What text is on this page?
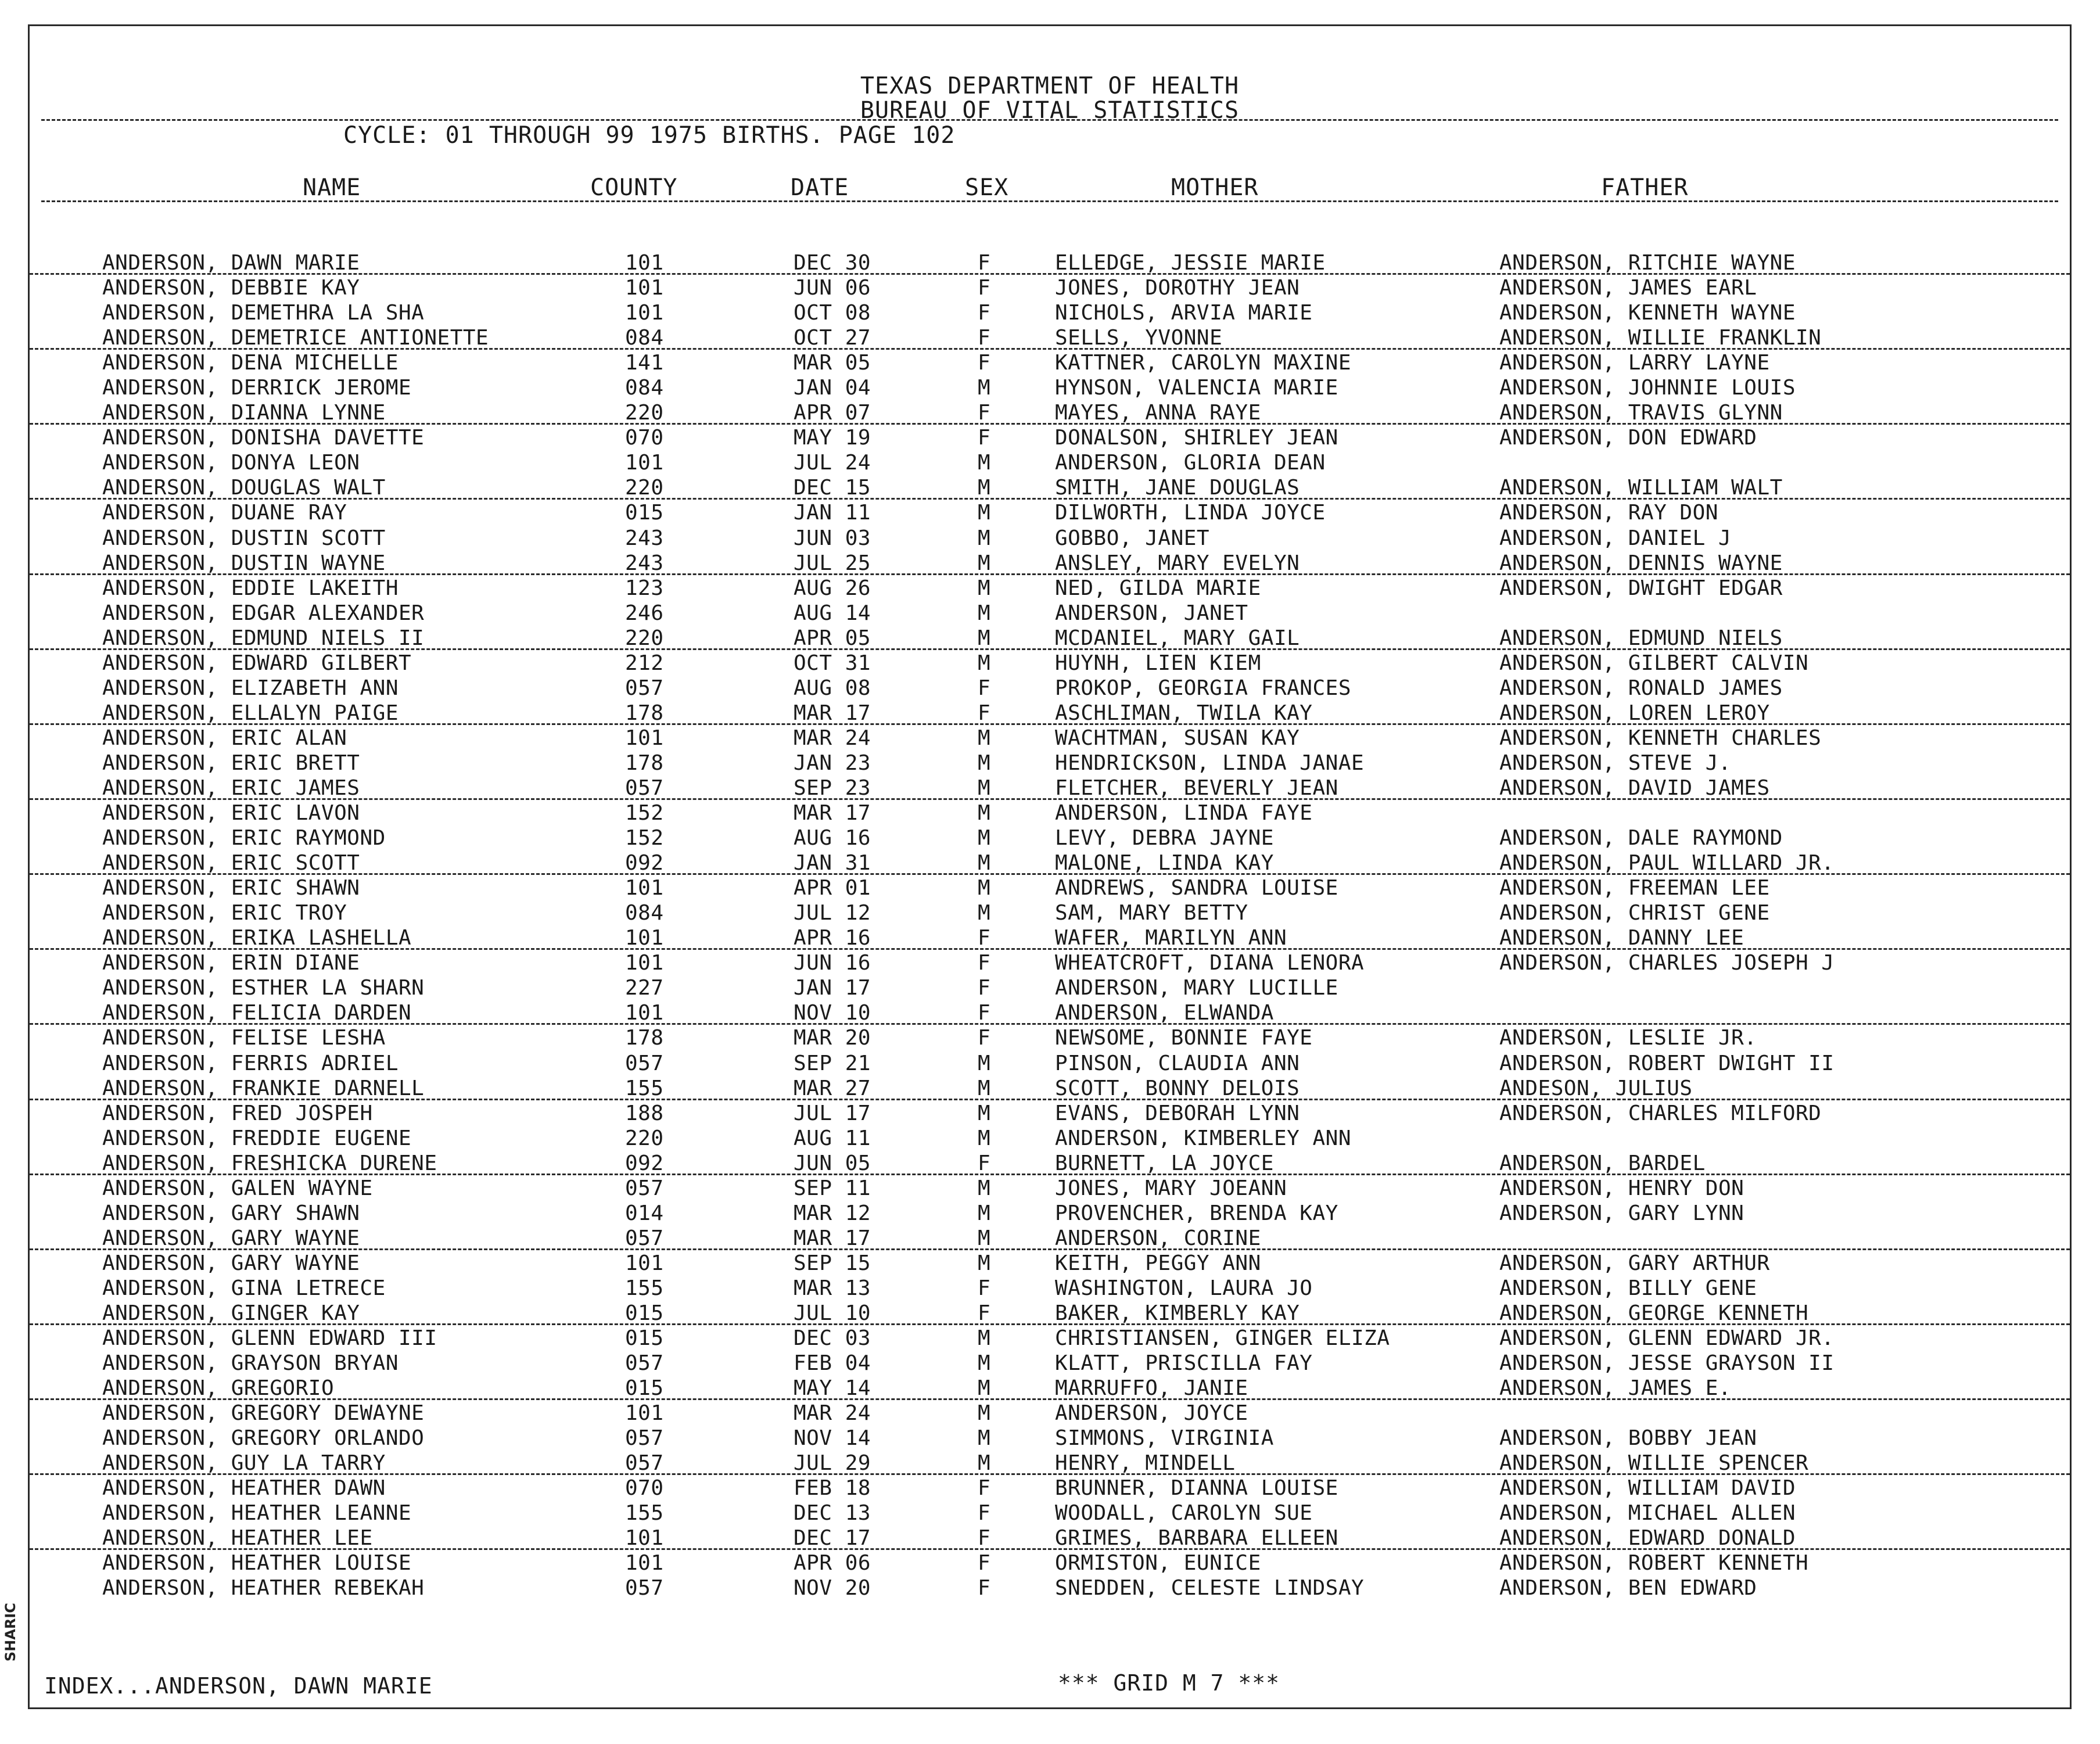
TEXAS DEPARTMENT OF HEALTH
BUREAU OF VITAL STATISTICS
CYCLE: 01 THROUGH 99 1975 BIRTHS. PAGE 102
NAME	COUNTY	DATE	SEX	MOTHER	FATHER
ANDERSON, DAWN MARIE	101	DEC 30	F	ELLEDGE, JESSIE MARIE	ANDERSON, RITCHIE WAYNE
ANDERSON, DEBBIE KAY	101	JUN 06	F	JONES, DOROTHY JEAN	ANDERSON, JAMES EARL
ANDERSON, DEMETHRA LA SHA	101	OCT 08	F	NICHOLS, ARVIA MARIE	ANDERSON, KENNETH WAYNE
ANDERSON, DEMETRICE ANTIONETTE	084	OCT 27	F	SELLS, YVONNE	ANDERSON, WILLIE FRANKLIN
ANDERSON, DENA MICHELLE	141	MAR 05	F	KATTNER, CAROLYN MAXINE	ANDERSON, LARRY LAYNE
ANDERSON, DERRICK JEROME	084	JAN 04	M	HYNSON, VALENCIA MARIE	ANDERSON, JOHNNIE LOUIS
ANDERSON, DIANNA LYNNE	220	APR 07	F	MAYES, ANNA RAYE	ANDERSON, TRAVIS GLYNN
ANDERSON, DONISHA DAVETTE	070	MAY 19	F	DONALSON, SHIRLEY JEAN	ANDERSON, DON EDWARD
ANDERSON, DONYA LEON	101	JUL 24	M	ANDERSON, GLORIA DEAN
ANDERSON, DOUGLAS WALT	220	DEC 15	M	SMITH, JANE DOUGLAS	ANDERSON, WILLIAM WALT
ANDERSON, DUANE RAY	015	JAN 11	M	DILWORTH, LINDA JOYCE	ANDERSON, RAY DON
ANDERSON, DUSTIN SCOTT	243	JUN 03	M	GOBBO, JANET	ANDERSON, DANIEL J
ANDERSON, DUSTIN WAYNE	243	JUL 25	M	ANSLEY, MARY EVELYN	ANDERSON, DENNIS WAYNE
ANDERSON, EDDIE LAKEITH	123	AUG 26	M	NED, GILDA MARIE	ANDERSON, DWIGHT EDGAR
ANDERSON, EDGAR ALEXANDER	246	AUG 14	M	ANDERSON, JANET
ANDERSON, EDMUND NIELS II	220	APR 05	M	MCDANIEL, MARY GAIL	ANDERSON, EDMUND NIELS
ANDERSON, EDWARD GILBERT	212	OCT 31	M	HUYNH, LIEN KIEM	ANDERSON, GILBERT CALVIN
ANDERSON, ELIZABETH ANN	057	AUG 08	F	PROKOP, GEORGIA FRANCES	ANDERSON, RONALD JAMES
ANDERSON, ELLALYN PAIGE	178	MAR 17	F	ASCHLIMAN, TWILA KAY	ANDERSON, LOREN LEROY
ANDERSON, ERIC ALAN	101	MAR 24	M	WACHTMAN, SUSAN KAY	ANDERSON, KENNETH CHARLES
ANDERSON, ERIC BRETT	178	JAN 23	M	HENDRICKSON, LINDA JANAE	ANDERSON, STEVE J.
ANDERSON, ERIC JAMES	057	SEP 23	M	FLETCHER, BEVERLY JEAN	ANDERSON, DAVID JAMES
ANDERSON, ERIC LAVON	152	MAR 17	M	ANDERSON, LINDA FAYE
ANDERSON, ERIC RAYMOND	152	AUG 16	M	LEVY, DEBRA JAYNE	ANDERSON, DALE RAYMOND
ANDERSON, ERIC SCOTT	092	JAN 31	M	MALONE, LINDA KAY	ANDERSON, PAUL WILLARD JR.
ANDERSON, ERIC SHAWN	101	APR 01	M	ANDREWS, SANDRA LOUISE	ANDERSON, FREEMAN LEE
ANDERSON, ERIC TROY	084	JUL 12	M	SAM, MARY BETTY	ANDERSON, CHRIST GENE
ANDERSON, ERIKA LASHELLA	101	APR 16	F	WAFER, MARILYN ANN	ANDERSON, DANNY LEE
ANDERSON, ERIN DIANE	101	JUN 16	F	WHEATCROFT, DIANA LENORA	ANDERSON, CHARLES JOSEPH J
ANDERSON, ESTHER LA SHARN	227	JAN 17	F	ANDERSON, MARY LUCILLE
ANDERSON, FELICIA DARDEN	101	NOV 10	F	ANDERSON, ELWANDA
ANDERSON, FELISE LESHA	178	MAR 20	F	NEWSOME, BONNIE FAYE	ANDERSON, LESLIE JR.
ANDERSON, FERRIS ADRIEL	057	SEP 21	M	PINSON, CLAUDIA ANN	ANDERSON, ROBERT DWIGHT II
ANDERSON, FRANKIE DARNELL	155	MAR 27	M	SCOTT, BONNY DELOIS	ANDESON, JULIUS
ANDERSON, FRED JOSPEH	188	JUL 17	M	EVANS, DEBORAH LYNN	ANDERSON, CHARLES MILFORD
ANDERSON, FREDDIE EUGENE	220	AUG 11	M	ANDERSON, KIMBERLEY ANN
ANDERSON, FRESHICKA DURENE	092	JUN 05	F	BURNETT, LA JOYCE	ANDERSON, BARDEL
ANDERSON, GALEN WAYNE	057	SEP 11	M	JONES, MARY JOEANN	ANDERSON, HENRY DON
ANDERSON, GARY SHAWN	014	MAR 12	M	PROVENCHER, BRENDA KAY	ANDERSON, GARY LYNN
ANDERSON, GARY WAYNE	057	MAR 17	M	ANDERSON, CORINE
ANDERSON, GARY WAYNE	101	SEP 15	M	KEITH, PEGGY ANN	ANDERSON, GARY ARTHUR
ANDERSON, GINA LETRECE	155	MAR 13	F	WASHINGTON, LAURA JO	ANDERSON, BILLY GENE
ANDERSON, GINGER KAY	015	JUL 10	F	BAKER, KIMBERLY KAY	ANDERSON, GEORGE KENNETH
ANDERSON, GLENN EDWARD III	015	DEC 03	M	CHRISTIANSEN, GINGER ELIZA	ANDERSON, GLENN EDWARD JR.
ANDERSON, GRAYSON BRYAN	057	FEB 04	M	KLATT, PRISCILLA FAY	ANDERSON, JESSE GRAYSON II
ANDERSON, GREGORIO	015	MAY 14	M	MARRUFFO, JANIE	ANDERSON, JAMES E.
ANDERSON, GREGORY DEWAYNE	101	MAR 24	M	ANDERSON, JOYCE
ANDERSON, GREGORY ORLANDO	057	NOV 14	M	SIMMONS, VIRGINIA	ANDERSON, BOBBY JEAN
ANDERSON, GUY LA TARRY	057	JUL 29	M	HENRY, MINDELL	ANDERSON, WILLIE SPENCER
ANDERSON, HEATHER DAWN	070	FEB 18	F	BRUNNER, DIANNA LOUISE	ANDERSON, WILLIAM DAVID
ANDERSON, HEATHER LEANNE	155	DEC 13	F	WOODALL, CAROLYN SUE	ANDERSON, MICHAEL ALLEN
ANDERSON, HEATHER LEE	101	DEC 17	F	GRIMES, BARBARA ELLEEN	ANDERSON, EDWARD DONALD
ANDERSON, HEATHER LOUISE	101	APR 06	F	ORMISTON, EUNICE	ANDERSON, ROBERT KENNETH
ANDERSON, HEATHER REBEKAH	057	NOV 20	F	SNEDDEN, CELESTE LINDSAY	ANDERSON, BEN EDWARD
INDEX...ANDERSON, DAWN MARIE	*** GRID M 7 ***
SHARIC
